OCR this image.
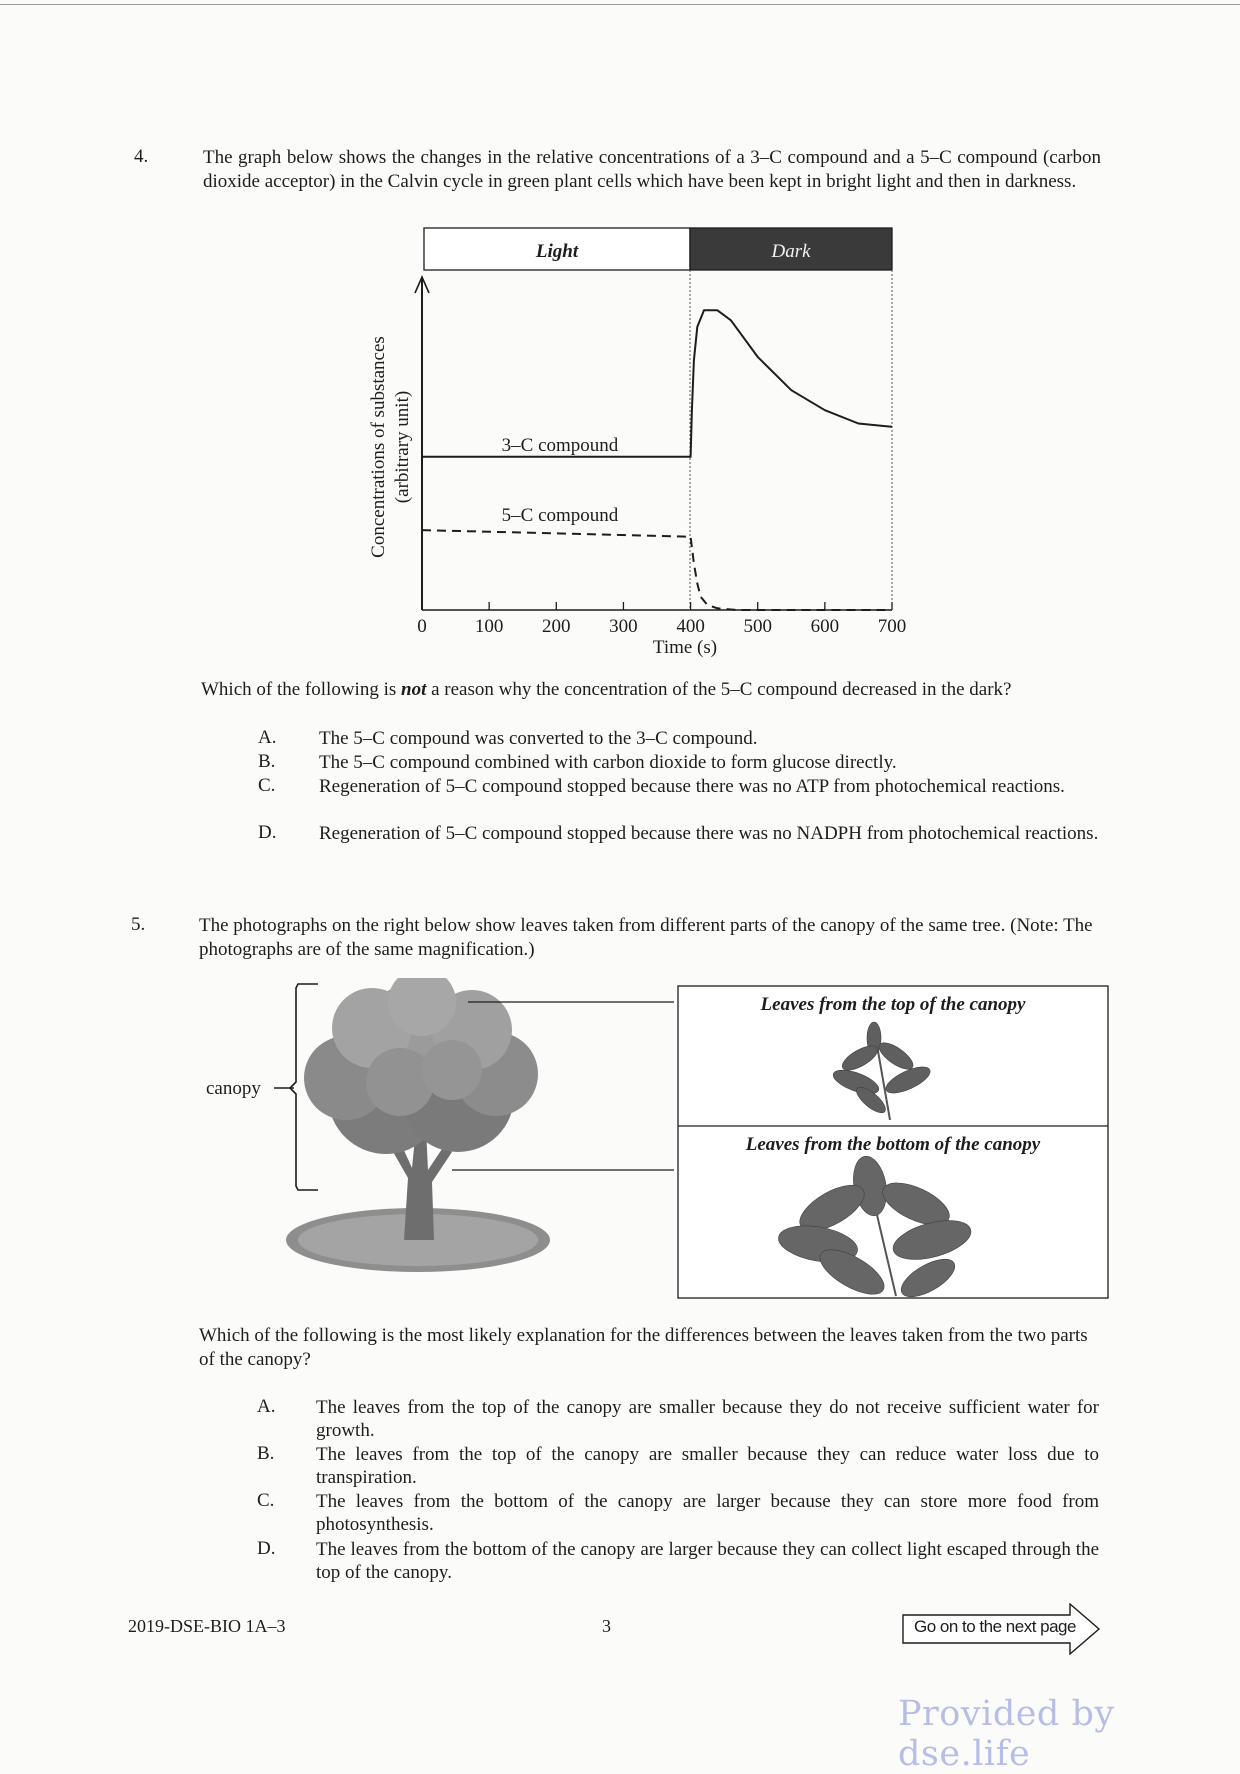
4.	The graph below shows the changes in the relative concentrations of a 3–C compound and a 5–C compound (carbon dioxide acceptor) in the Calvin cycle in green plant cells which have been kept in bright light and then in darkness.
Light	Dark
0	100 200 300 400 500 600 700
3–C compound
5–C compound
Concentrations of substances (arbitrary unit)
Time (s)
Which of the following is not a reason why the concentration of the 5–C compound decreased in the dark?
A. The 5–C compound was converted to the 3–C compound.
B. The 5–C compound combined with carbon dioxide to form glucose directly.
C. Regeneration of 5–C compound stopped because there was no ATP from photochemical reactions.
D. Regeneration of 5–C compound stopped because there was no NADPH from photochemical reactions.
5.	The photographs on the right below show leaves taken from different parts of the canopy of the same tree. (Note: The photographs are of the same magnification.)
canopy
Leaves from the top of the canopy
Leaves from the bottom of the canopy
Which of the following is the most likely explanation for the differences between the leaves taken from the two parts of the canopy?
A. The leaves from the top of the canopy are smaller because they do not receive sufficient water for growth.
B. The leaves from the top of the canopy are smaller because they can reduce water loss due to transpiration.
C. The leaves from the bottom of the canopy are larger because they can store more food from photosynthesis.
D. The leaves from the bottom of the canopy are larger because they can collect light escaped through the top of the canopy.
2019-DSE-BIO 1A–3	3	Go on to the next page
Provided by dse.life
